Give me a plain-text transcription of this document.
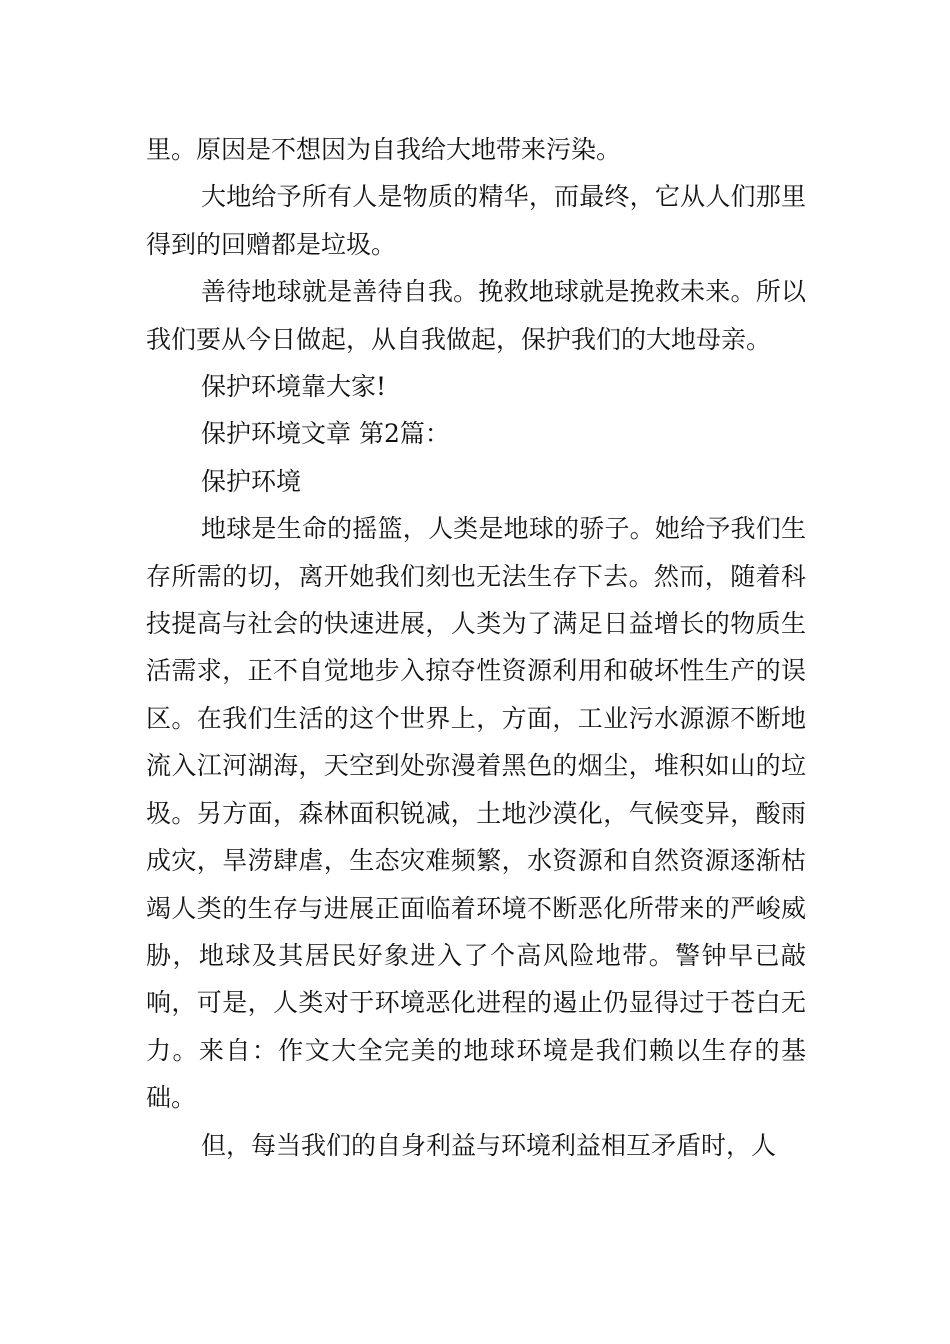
里。原因是不想因为自我给大地带来污染。

大地给予所有人是物质的精华，而最终，它从人们那里得到的回赠都是垃圾。

善待地球就是善待自我。挽救地球就是挽救未来。所以我们要从今日做起，从自我做起，保护我们的大地母亲。

保护环境靠大家!

保护环境文章 第2篇：

保护环境

地球是生命的摇篮，人类是地球的骄子。她给予我们生存所需的切，离开她我们刻也无法生存下去。然而，随着科技提高与社会的快速进展，人类为了满足日益增长的物质生活需求，正不自觉地步入掠夺性资源利用和破坏性生产的误区。在我们生活的这个世界上，方面，工业污水源源不断地流入江河湖海，天空到处弥漫着黑色的烟尘，堆积如山的垃圾。另方面，森林面积锐减，土地沙漠化，气候变异，酸雨成灾，旱涝肆虐，生态灾难频繁，水资源和自然资源逐渐枯竭人类的生存与进展正面临着环境不断恶化所带来的严峻威胁，地球及其居民好象进入了个高风险地带。警钟早已敲响，可是，人类对于环境恶化进程的遏止仍显得过于苍白无力。来自：作文大全完美的地球环境是我们赖以生存的基础。

但，每当我们的自身利益与环境利益相互矛盾时，人
